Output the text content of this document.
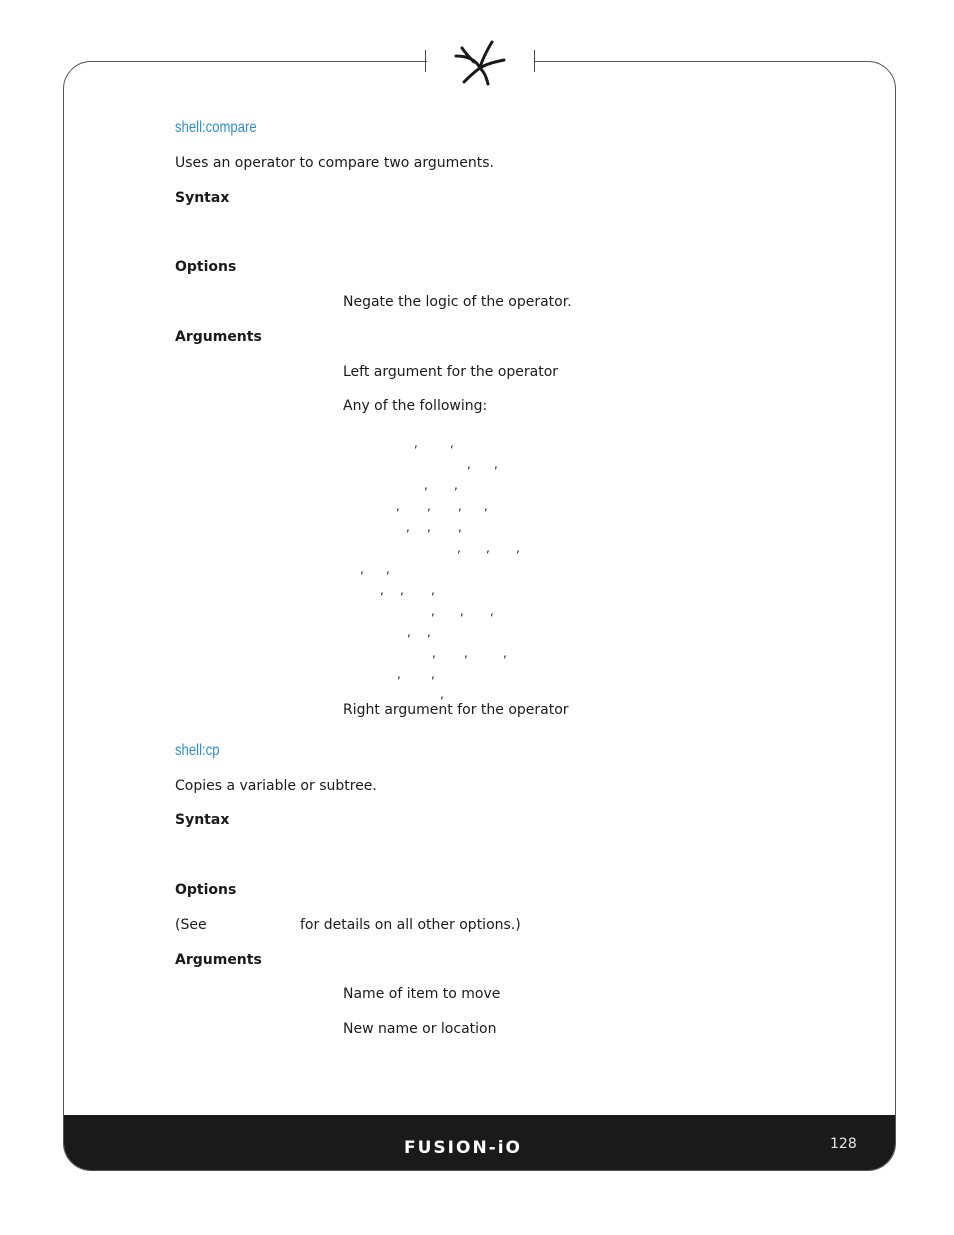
shell:compare
Uses an operator to compare two arguments.
Syntax
Options
Negate the logic of the operator.
Arguments
Left argument for the operator
Any of the following:
,	,
, ,
, ,
, , , ,
, , ,
, , ,
, ,
, , ,
, , ,
, ,
, ,	,
,	,
,
Right argument for the operator
shell:cp
Copies a variable or subtree.
Syntax
Options
(See	for details on all other options.)
Arguments
Name of item to move
New name or location
FUSION-iO	128
